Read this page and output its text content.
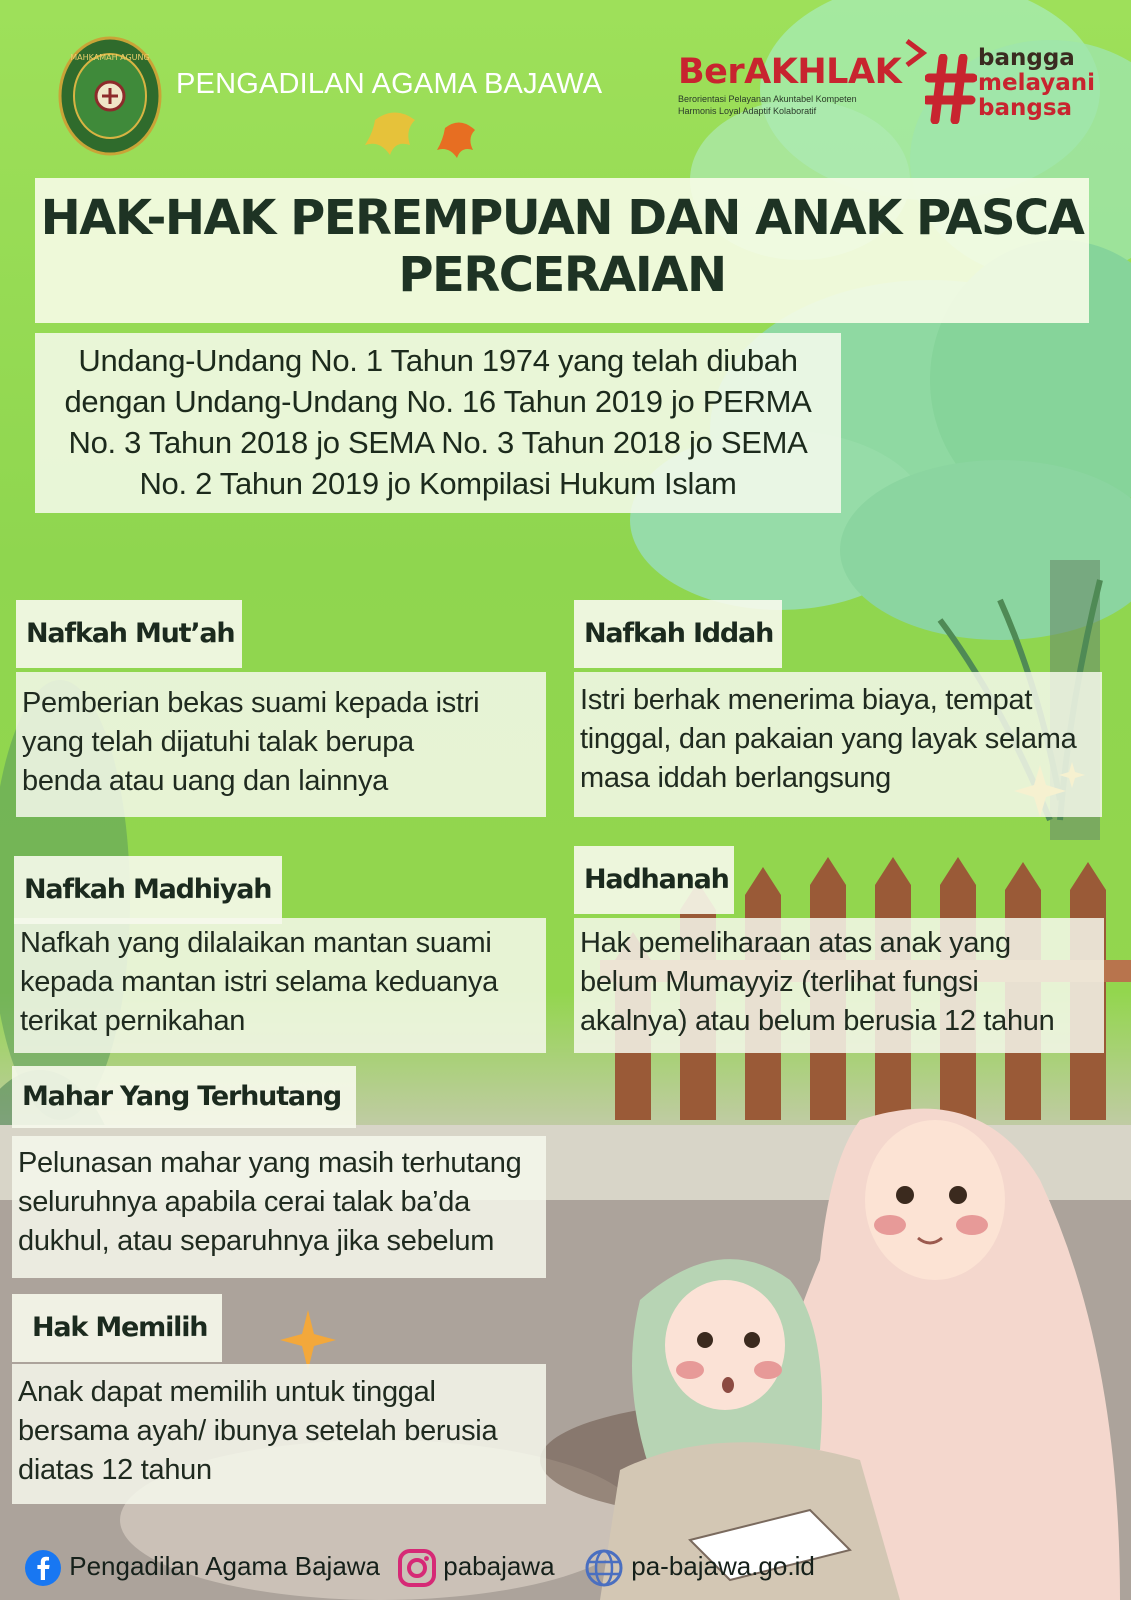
MAHKAMAH AGUNG
PENGADILAN AGAMA BAJAWA BerAKHLAK
Berorientasi Pelayanan Akuntabel Kompeten
Harmonis Loyal Adaptif Kolaboratif
bangga
melayani
bangsa
HAK-HAK PEREMPUAN DAN ANAK PASCA
PERCERAIAN

Undang-Undang No. 1 Tahun 1974 yang telah diubah
dengan Undang-Undang No. 16 Tahun 2019 jo PERMA
No. 3 Tahun 2018 jo SEMA No. 3 Tahun 2018 jo SEMA
No. 2 Tahun 2019 jo Kompilasi Hukum Islam

Nafkah Mut’ah
Pemberian bekas suami kepada istri
yang telah dijatuhi talak berupa
benda atau uang dan lainnya
Nafkah Iddah
Istri berhak menerima biaya, tempat
tinggal, dan pakaian yang layak selama
masa iddah berlangsung
Nafkah Madhiyah
Nafkah yang dilalaikan mantan suami
kepada mantan istri selama keduanya
terikat pernikahan
Hadhanah
Hak pemeliharaan atas anak yang
belum Mumayyiz (terlihat fungsi
akalnya) atau belum berusia 12 tahun
Mahar Yang Terhutang
Pelunasan mahar yang masih terhutang
seluruhnya apabila cerai talak ba’da
dukhul, atau separuhnya jika sebelum
Hak Memilih
Anak dapat memilih untuk tinggal
bersama ayah/ ibunya setelah berusia
diatas 12 tahun
Pengadilan Agama Bajawa	pabajawa	pa-bajawa.go.id
